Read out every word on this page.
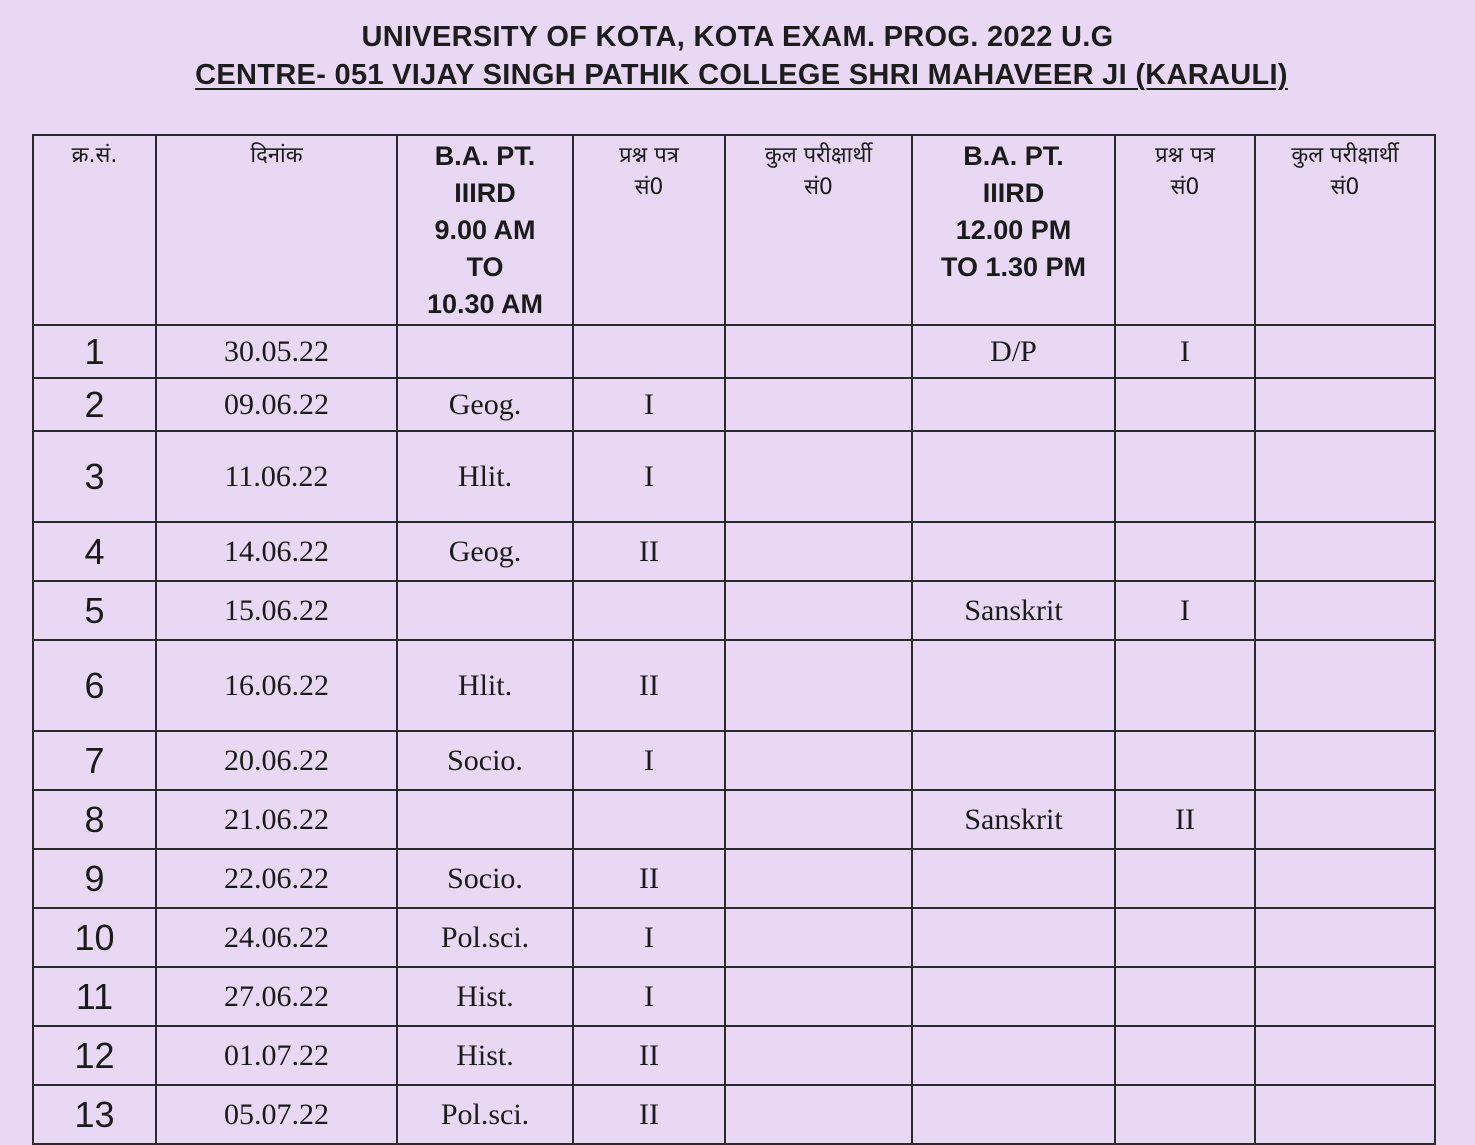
UNIVERSITY OF KOTA, KOTA EXAM. PROG. 2022 U.G
CENTRE- 051 VIJAY SINGH PATHIK COLLEGE SHRI MAHAVEER JI (KARAULI)
क्र.सं.	दिनांक	B.A. PT.
IIIRD
9.00 AM
TO
10.30 AM	प्रश्न पत्र
सं0	कुल परीक्षार्थी
सं0	B.A. PT.
IIIRD
12.00 PM
TO 1.30 PM	प्रश्न पत्र
सं0	कुल परीक्षार्थी
सं0

1	30.05.22				D/P	I	
2	09.06.22	Geog.	I				
3	11.06.22	Hlit.	I				
4	14.06.22	Geog.	II				
5	15.06.22				Sanskrit	I	
6	16.06.22	Hlit.	II				
7	20.06.22	Socio.	I				
8	21.06.22				Sanskrit	II	
9	22.06.22	Socio.	II				
10	24.06.22	Pol.sci.	I				
11	27.06.22	Hist.	I				
12	01.07.22	Hist.	II				
13	05.07.22	Pol.sci.	II				
